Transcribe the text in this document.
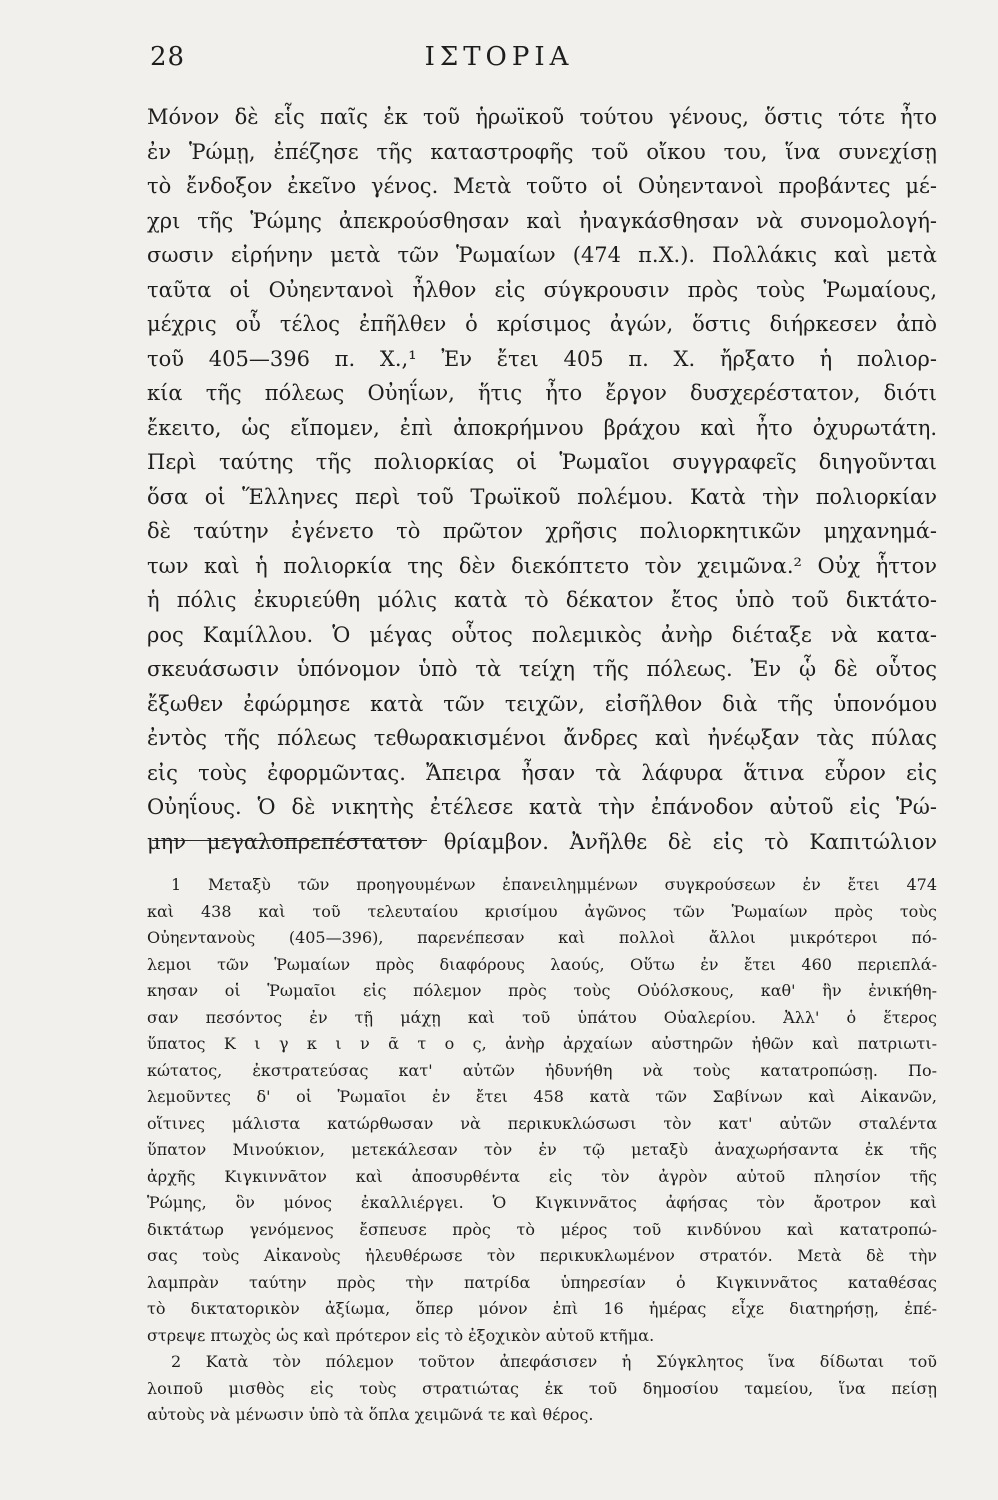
28	ΙΣΤΟΡΙΑ
Μόνον δὲ εἷς παῖς ἐκ τοῦ ἡρωϊκοῦ τούτου γένους, ὅστις τότε ἦτο
ἐν Ῥώμῃ, ἐπέζησε τῆς καταστροφῆς τοῦ οἴκου του, ἵνα συνεχίσῃ
τὸ ἔνδοξον ἐκεῖνο γένος. Μετὰ τοῦτο οἱ Οὐηεντανοὶ προβάντες μέ-
χρι τῆς Ῥώμης ἀπεκρούσθησαν καὶ ἠναγκάσθησαν νὰ συνομολογή-
σωσιν εἰρήνην μετὰ τῶν Ῥωμαίων (474 π.Χ.). Πολλάκις καὶ μετὰ
ταῦτα οἱ Οὐηεντανοὶ ἦλθον εἰς σύγκρουσιν πρὸς τοὺς Ῥωμαίους,
μέχρις οὗ τέλος ἐπῆλθεν ὁ κρίσιμος ἀγών, ὅστις διήρκεσεν ἀπὸ
τοῦ 405—396 π. Χ.,¹ Ἐν ἔτει 405 π. Χ. ἤρξατο ἡ πολιορ-
κία τῆς πόλεως Οὐηΐων, ἥτις ἦτο ἔργον δυσχερέστατον, διότι
ἔκειτο, ὡς εἴπομεν, ἐπὶ ἀποκρήμνου βράχου καὶ ἦτο ὀχυρωτάτη.
Περὶ ταύτης τῆς πολιορκίας οἱ Ῥωμαῖοι συγγραφεῖς διηγοῦνται
ὅσα οἱ Ἕλληνες περὶ τοῦ Τρωϊκοῦ πολέμου. Κατὰ τὴν πολιορκίαν
δὲ ταύτην ἐγένετο τὸ πρῶτον χρῆσις πολιορκητικῶν μηχανημά-
των καὶ ἡ πολιορκία της δὲν διεκόπτετο τὸν χειμῶνα.² Οὐχ ἧττον
ἡ πόλις ἐκυριεύθη μόλις κατὰ τὸ δέκατον ἔτος ὑπὸ τοῦ δικτάτο-
ρος Καμίλλου. Ὁ μέγας οὗτος πολεμικὸς ἀνὴρ διέταξε νὰ κατα-
σκευάσωσιν ὑπόνομον ὑπὸ τὰ τείχη τῆς πόλεως. Ἐν ᾧ δὲ οὗτος
ἔξωθεν ἐφώρμησε κατὰ τῶν τειχῶν, εἰσῆλθον διὰ τῆς ὑπονόμου
ἐντὸς τῆς πόλεως τεθωρακισμένοι ἄνδρες καὶ ἠνέῳξαν τὰς πύλας
εἰς τοὺς ἐφορμῶντας. Ἄπειρα ἦσαν τὰ λάφυρα ἅτινα εὗρον εἰς
Οὐηΐους. Ὁ δὲ νικητὴς ἐτέλεσε κατὰ τὴν ἐπάνοδον αὐτοῦ εἰς Ῥώ-
μην μεγαλοπρεπέστατον θρίαμβον. Ἀνῆλθε δὲ εἰς τὸ Καπιτώλιον
1 Μεταξὺ τῶν προηγουμένων ἐπανειλημμένων συγκρούσεων ἐν ἔτει 474
καὶ 438 καὶ τοῦ τελευταίου κρισίμου ἀγῶνος τῶν Ῥωμαίων πρὸς τοὺς
Οὐηεντανοὺς (405—396), παρενέπεσαν καὶ πολλοὶ ἄλλοι μικρότεροι πό-
λεμοι τῶν Ῥωμαίων πρὸς διαφόρους λαούς, Οὕτω ἐν ἔτει 460 περιεπλά-
κησαν οἱ Ῥωμαῖοι εἰς πόλεμον πρὸς τοὺς Οὐόλσκους, καθ' ἣν ἐνικήθη-
σαν πεσόντος ἐν τῇ μάχῃ καὶ τοῦ ὑπάτου Οὐαλερίου. Ἀλλ' ὁ ἕτερος
ὕπατος Κ ι γ κ ι ν ᾶ τ ο ς, ἀνὴρ ἀρχαίων αὐστηρῶν ἠθῶν καὶ πατριωτι-
κώτατος, ἐκστρατεύσας κατ' αὐτῶν ἠδυνήθη νὰ τοὺς κατατροπώσῃ. Πο-
λεμοῦντες δ' οἱ Ῥωμαῖοι ἐν ἔτει 458 κατὰ τῶν Σαβίνων καὶ Αἰκανῶν,
οἵτινες μάλιστα κατώρθωσαν νὰ περικυκλώσωσι τὸν κατ' αὐτῶν σταλέντα
ὕπατον Μινούκιον, μετεκάλεσαν τὸν ἐν τῷ μεταξὺ ἀναχωρήσαντα ἐκ τῆς
ἀρχῆς Κιγκιννᾶτον καὶ ἀποσυρθέντα εἰς τὸν ἀγρὸν αὐτοῦ πλησίον τῆς
Ῥώμης, ὃν μόνος ἐκαλλιέργει. Ὁ Κιγκιννᾶτος ἀφήσας τὸν ἄροτρον καὶ
δικτάτωρ γενόμενος ἔσπευσε πρὸς τὸ μέρος τοῦ κινδύνου καὶ κατατροπώ-
σας τοὺς Αἰκανοὺς ἠλευθέρωσε τὸν περικυκλωμένον στρατόν. Μετὰ δὲ τὴν
λαμπρὰν ταύτην πρὸς τὴν πατρίδα ὑπηρεσίαν ὁ Κιγκιννᾶτος καταθέσας
τὸ δικτατορικὸν ἀξίωμα, ὅπερ μόνον ἐπὶ 16 ἡμέρας εἶχε διατηρήσῃ, ἐπέ-
στρεψε πτωχὸς ὡς καὶ πρότερον εἰς τὸ ἐξοχικὸν αὐτοῦ κτῆμα.
2 Κατὰ τὸν πόλεμον τοῦτον ἀπεφάσισεν ἡ Σύγκλητος ἵνα δίδωται τοῦ
λοιποῦ μισθὸς εἰς τοὺς στρατιώτας ἐκ τοῦ δημοσίου ταμείου, ἵνα πείσῃ
αὐτοὺς νὰ μένωσιν ὑπὸ τὰ ὅπλα χειμῶνά τε καὶ θέρος.
